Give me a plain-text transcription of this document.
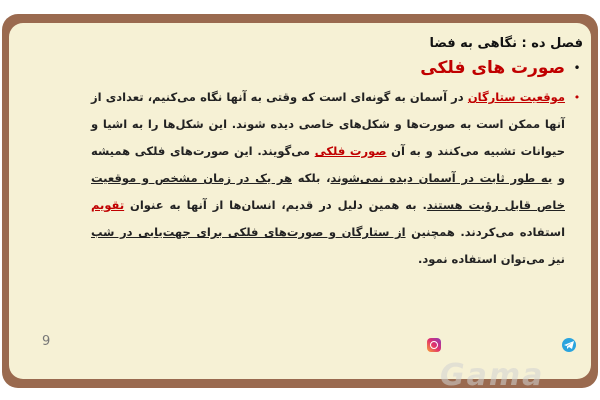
فصل ده : نگاهی به فضا
•
صورت های فلکی
•
موقعیت ستارگان در آسمان به گونه‌ای است که وقتی به آنها نگاه می‌کنیم، تعدادی از آنها ممکن است به صورت‌ها و شکل‌های خاصی دیده شوند. این شکل‌ها را به اشیا و حیوانات تشبیه می‌کنند و به آن صورت فلکی می‌گویند. این صورت‌های فلکی همیشه و به طور ثابت در آسمان دیده نمی‌شوند، بلکه هر یک در زمان مشخص و موقعیت خاص قابل رؤیت هستند. به همین دلیل در قدیم، انسان‌ها از آنها به عنوان تقویم استفاده می‌کردند. همچنین از ستارگان و صورت‌های فلکی برای جهت‌یابی در شب نیز می‌توان استفاده نمود.
9
Gama
